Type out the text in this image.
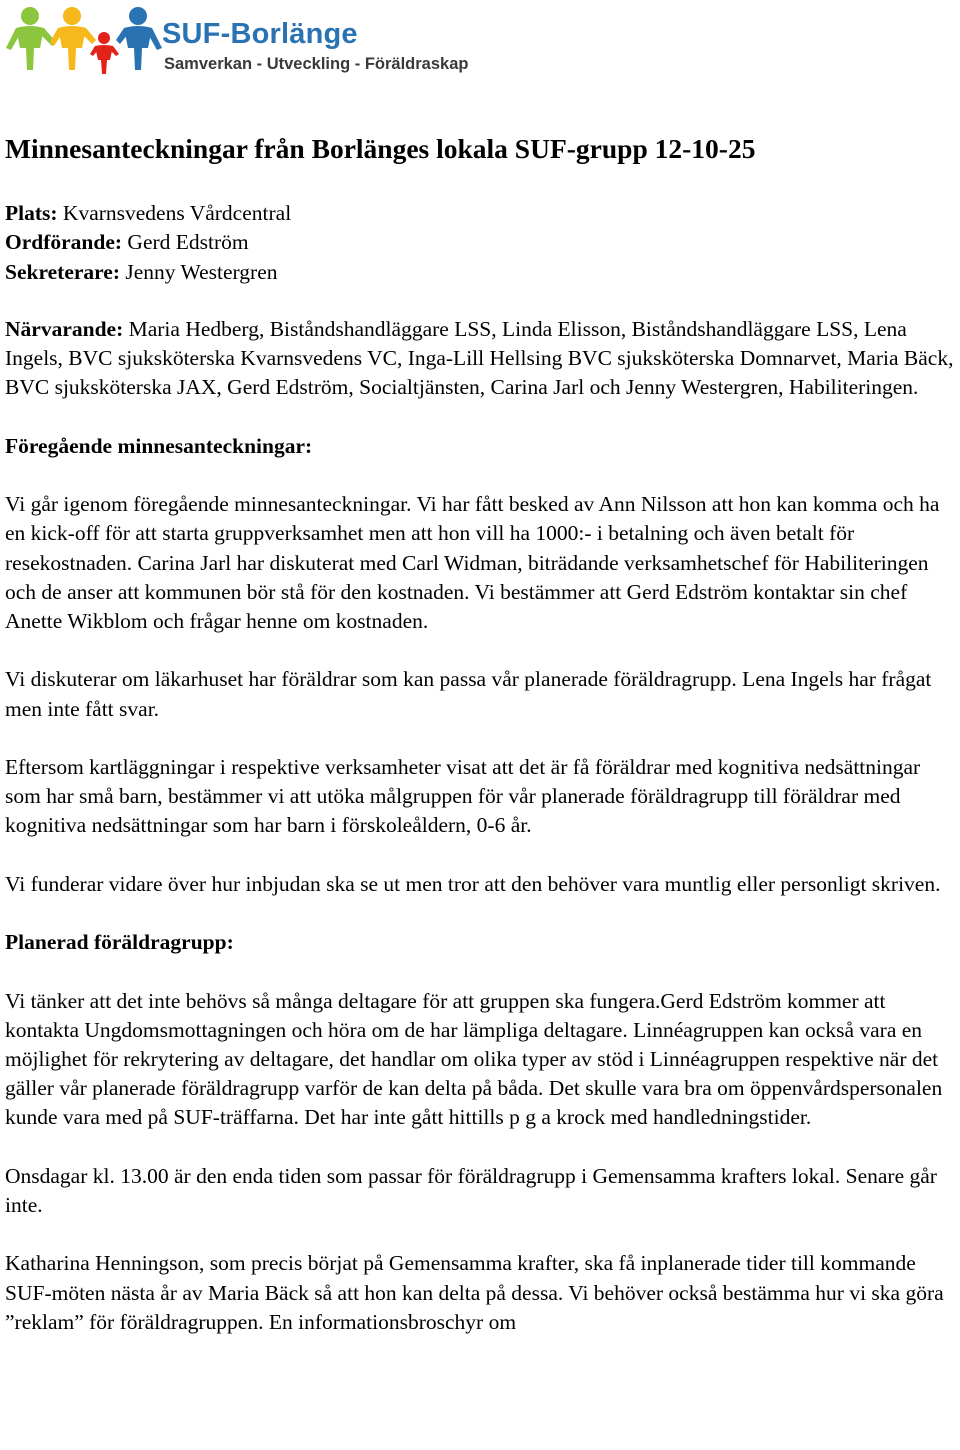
SUF-Borlänge
Samverkan - Utveckling - Föräldraskap
Minnesanteckningar från Borlänges lokala SUF-grupp 12-10-25
Plats: Kvarnsvedens Vårdcentral
Ordförande: Gerd Edström
Sekreterare: Jenny Westergren

Närvarande: Maria Hedberg, Biståndshandläggare LSS, Linda Elisson, Biståndshandläggare LSS, Lena Ingels, BVC sjuksköterska Kvarnsvedens VC, Inga-Lill Hellsing BVC sjuksköterska Domnarvet, Maria Bäck, BVC sjuksköterska JAX, Gerd Edström, Socialtjänsten, Carina Jarl och Jenny Westergren, Habiliteringen.

Föregående minnesanteckningar:

Vi går igenom föregående minnesanteckningar. Vi har fått besked av Ann Nilsson att hon kan komma och ha en kick-off för att starta gruppverksamhet men att hon vill ha 1000:- i betalning och även betalt för resekostnaden. Carina Jarl har diskuterat med Carl Widman, biträdande verksamhetschef för Habiliteringen och de anser att kommunen bör stå för den kostnaden. Vi bestämmer att Gerd Edström kontaktar sin chef Anette Wikblom och frågar henne om kostnaden.

Vi diskuterar om läkarhuset har föräldrar som kan passa vår planerade föräldragrupp. Lena Ingels har frågat men inte fått svar.

Eftersom kartläggningar i respektive verksamheter visat att det är få föräldrar med kognitiva nedsättningar som har små barn, bestämmer vi att utöka målgruppen för vår planerade föräldragrupp till föräldrar med kognitiva nedsättningar som har barn i förskoleåldern, 0-6 år.

Vi funderar vidare över hur inbjudan ska se ut men tror att den behöver vara muntlig eller personligt skriven.

Planerad föräldragrupp:

Vi tänker att det inte behövs så många deltagare för att gruppen ska fungera.Gerd Edström kommer att kontakta Ungdomsmottagningen och höra om de har lämpliga deltagare. Linnéagruppen kan också vara en möjlighet för rekrytering av deltagare, det handlar om olika typer av stöd i Linnéagruppen respektive när det gäller vår planerade föräldragrupp varför de kan delta på båda. Det skulle vara bra om öppenvårdspersonalen kunde vara med på SUF-träffarna. Det har inte gått hittills p g a krock med handledningstider.

Onsdagar kl. 13.00 är den enda tiden som passar för föräldragrupp i Gemensamma krafters lokal. Senare går inte.

Katharina Henningson, som precis börjat på Gemensamma krafter, ska få inplanerade tider till kommande SUF-möten nästa år av Maria Bäck så att hon kan delta på dessa. Vi behöver också bestämma hur vi ska göra ”reklam” för föräldragruppen. En informationsbroschyr om
